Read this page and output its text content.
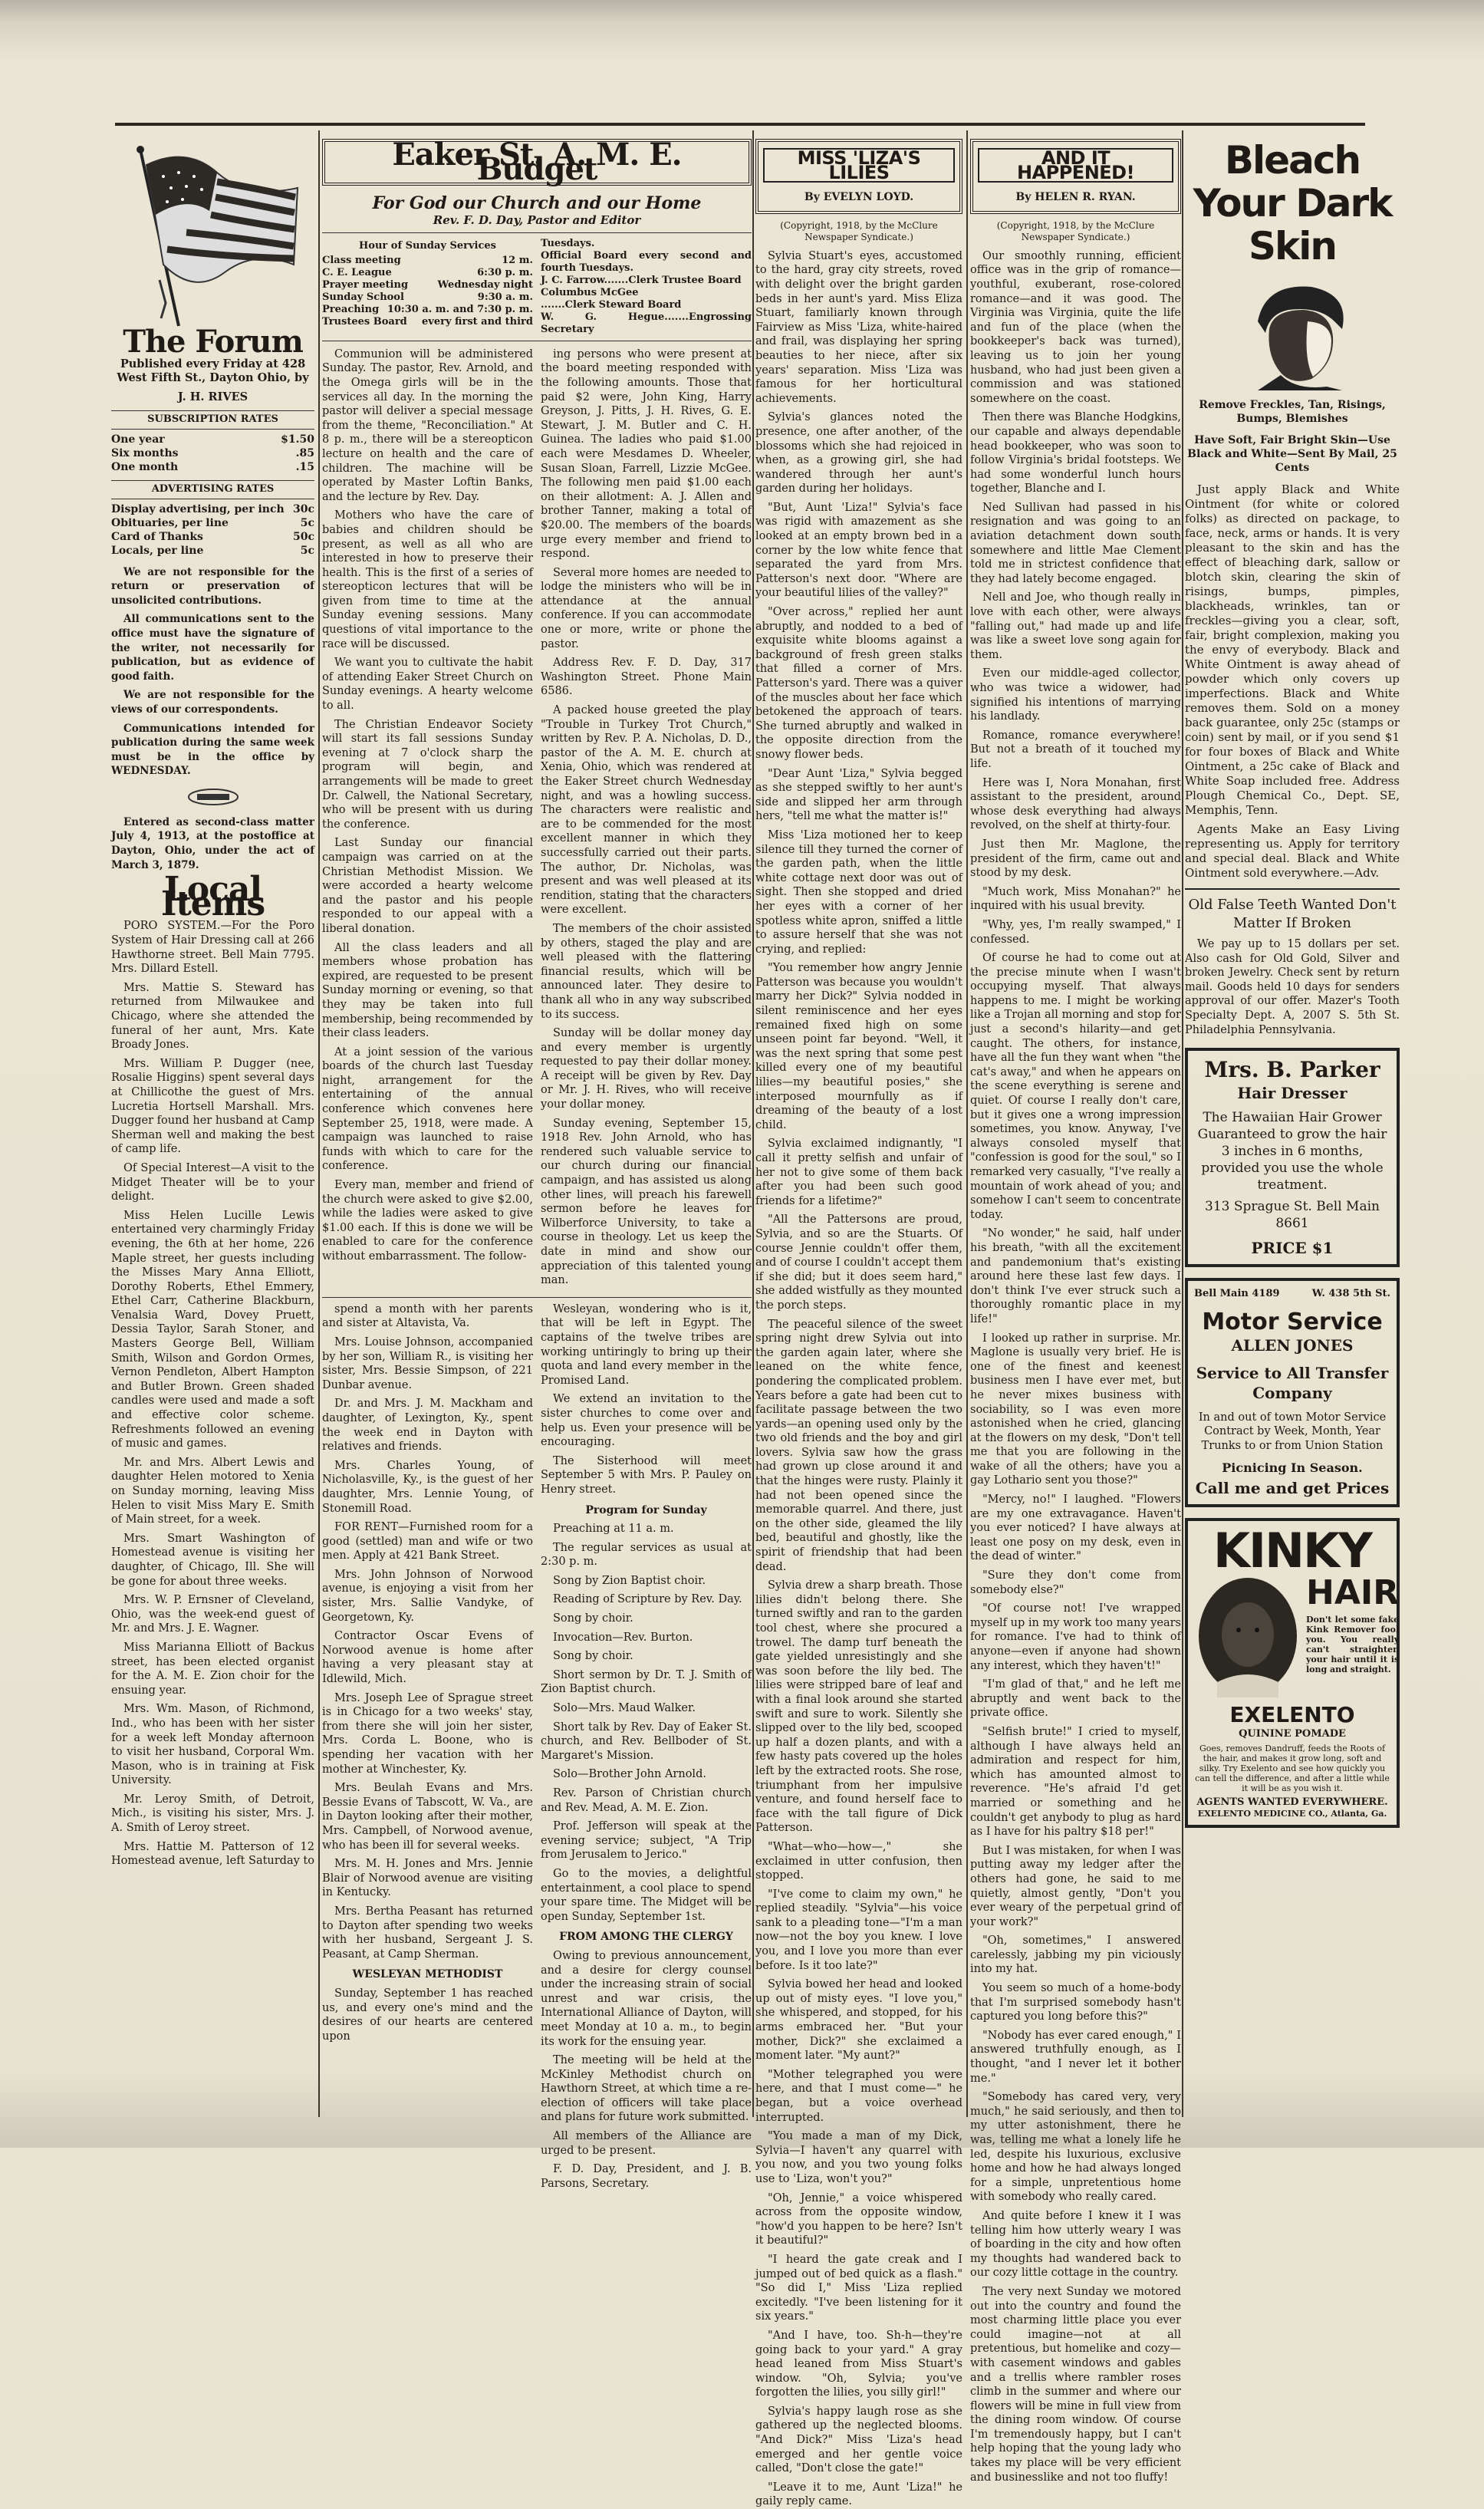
The Forum

Published every Friday at 428 West Fifth St., Dayton Ohio, by

J. H. RIVES

SUBSCRIPTION RATES
One year	$1.50
Six months	.85
One month	.15
ADVERTISING RATES
Display advertising, per inch 30c
Obituaries, per line	5c
Card of Thanks	50c
Locals, per line	5c

We are not responsible for the return or preservation of unsolicited contributions.

All communications sent to the office must have the signature of the writer, not necessarily for publication, but as evidence of good faith.

We are not responsible for the views of our correspondents.

Communications intended for publication during the same week must be in the office by WEDNESDAY.

Entered as second-class matter July 4, 1913, at the postoffice at Dayton, Ohio, under the act of March 3, 1879.

Local Items

PORO SYSTEM.—For the Poro System of Hair Dressing call at 266 Hawthorne street. Bell Main 7795. Mrs. Dillard Estell.

Mrs. Mattie S. Steward has returned from Milwaukee and Chicago, where she attended the funeral of her aunt, Mrs. Kate Broady Jones.

Mrs. William P. Dugger (nee, Rosalie Higgins) spent several days at Chillicothe the guest of Mrs. Lucretia Hortsell Marshall. Mrs. Dugger found her husband at Camp Sherman well and making the best of camp life.

Of Special Interest—A visit to the Midget Theater will be to your delight.

Miss Helen Lucille Lewis entertained very charmingly Friday evening, the 6th at her home, 226 Maple street, her guests including the Misses Mary Anna Elliott, Dorothy Roberts, Ethel Emmery, Ethel Carr, Catherine Blackburn, Venalsia Ward, Dovey Pruett, Dessia Taylor, Sarah Stoner, and Masters George Bell, William Smith, Wilson and Gordon Ormes, Vernon Pendleton, Albert Hampton and Butler Brown. Green shaded candles were used and made a soft and effective color scheme. Refreshments followed an evening of music and games.

Mr. and Mrs. Albert Lewis and daughter Helen motored to Xenia on Sunday morning, leaving Miss Helen to visit Miss Mary E. Smith of Main street, for a week.

Mrs. Smart Washington of Homestead avenue is visiting her daughter, of Chicago, Ill. She will be gone for about three weeks.

Mrs. W. P. Ernsner of Cleveland, Ohio, was the week-end guest of Mr. and Mrs. J. E. Wagner.

Miss Marianna Elliott of Backus street, has been elected organist for the A. M. E. Zion choir for the ensuing year.

Mrs. Wm. Mason, of Richmond, Ind., who has been with her sister for a week left Monday afternoon to visit her husband, Corporal Wm. Mason, who is in training at Fisk University.

Mr. Leroy Smith, of Detroit, Mich., is visiting his sister, Mrs. J. A. Smith of Leroy street.

Mrs. Hattie M. Patterson of 12 Homestead avenue, left Saturday to

Eaker St. A. M. E. Budget
For God our Church and our Home
Rev. F. D. Day, Pastor and Editor
Hour of Sunday Services
Class meeting	12 m.
C. E. League	6:30 p. m.
Prayer meeting	Wednesday night
Sunday School	9:30 a. m.
Preaching 10:30 a. m. and 7:30 p. m.
Trustees Board every first and third
Tuesdays.
Official Board every second and fourth Tuesdays.
J. C. Farrow.......Clerk Trustee Board
Columbus McGee
.......Clerk Steward Board
W. G. Hegue.......Engrossing Secretary

Communion will be administered Sunday. The pastor, Rev. Arnold, and the Omega girls will be in the services all day. In the morning the pastor will deliver a special message from the theme, "Reconciliation." At 8 p. m., there will be a stereopticon lecture on health and the care of children. The machine will be operated by Master Loftin Banks, and the lecture by Rev. Day.

Mothers who have the care of babies and children should be present, as well as all who are interested in how to preserve their health. This is the first of a series of stereopticon lectures that will be given from time to time at the Sunday evening sessions. Many questions of vital importance to the race will be discussed.

We want you to cultivate the habit of attending Eaker Street Church on Sunday evenings. A hearty welcome to all.

The Christian Endeavor Society will start its fall sessions Sunday evening at 7 o'clock sharp the program will begin, and arrangements will be made to greet Dr. Calwell, the National Secretary, who will be present with us during the conference.

Last Sunday our financial campaign was carried on at the Christian Methodist Mission. We were accorded a hearty welcome and the pastor and his people responded to our appeal with a liberal donation.

All the class leaders and all members whose probation has expired, are requested to be present Sunday morning or evening, so that they may be taken into full membership, being recommended by their class leaders.

At a joint session of the various boards of the church last Tuesday night, arrangement for the entertaining of the annual conference which convenes here September 25, 1918, were made. A campaign was launched to raise funds with which to care for the conference.

Every man, member and friend of the church were asked to give $2.00, while the ladies were asked to give $1.00 each. If this is done we will be enabled to care for the conference without embarrassment. The follow-

ing persons who were present at the board meeting responded with the following amounts. Those that paid $2 were, John King, Harry Greyson, J. Pitts, J. H. Rives, G. E. Stewart, J. M. Butler and C. H. Guinea. The ladies who paid $1.00 each were Mesdames D. Wheeler, Susan Sloan, Farrell, Lizzie McGee. The following men paid $1.00 each on their allotment: A. J. Allen and brother Tanner, making a total of $20.00. The members of the boards urge every member and friend to respond.

Several more homes are needed to lodge the ministers who will be in attendance at the annual conference. If you can accommodate one or more, write or phone the pastor.

Address Rev. F. D. Day, 317 Washington Street. Phone Main 6586.

A packed house greeted the play "Trouble in Turkey Trot Church," written by Rev. P. A. Nicholas, D. D., pastor of the A. M. E. church at Xenia, Ohio, which was rendered at the Eaker Street church Wednesday night, and was a howling success. The characters were realistic and are to be commended for the most excellent manner in which they successfully carried out their parts. The author, Dr. Nicholas, was present and was well pleased at its rendition, stating that the characters were excellent.

The members of the choir assisted by others, staged the play and are well pleased with the flattering financial results, which will be announced later. They desire to thank all who in any way subscribed to its success.

Sunday will be dollar money day and every member is urgently requested to pay their dollar money. A receipt will be given by Rev. Day or Mr. J. H. Rives, who will receive your dollar money.

Sunday evening, September 15, 1918 Rev. John Arnold, who has rendered such valuable service to our church during our financial campaign, and has assisted us along other lines, will preach his farewell sermon before he leaves for Wilberforce University, to take a course in theology. Let us keep the date in mind and show our appreciation of this talented young man.

spend a month with her parents and sister at Altavista, Va.

Mrs. Louise Johnson, accompanied by her son, William R., is visiting her sister, Mrs. Bessie Simpson, of 221 Dunbar avenue.

Dr. and Mrs. J. M. Mackham and daughter, of Lexington, Ky., spent the week end in Dayton with relatives and friends.

Mrs. Charles Young, of Nicholasville, Ky., is the guest of her daughter, Mrs. Lennie Young, of Stonemill Road.

FOR RENT—Furnished room for a good (settled) man and wife or two men. Apply at 421 Bank Street.

Mrs. John Johnson of Norwood avenue, is enjoying a visit from her sister, Mrs. Sallie Vandyke, of Georgetown, Ky.

Contractor Oscar Evens of Norwood avenue is home after having a very pleasant stay at Idlewild, Mich.

Mrs. Joseph Lee of Sprague street is in Chicago for a two weeks' stay, from there she will join her sister, Mrs. Corda L. Boone, who is spending her vacation with her mother at Winchester, Ky.

Mrs. Beulah Evans and Mrs. Bessie Evans of Tabscott, W. Va., are in Dayton looking after their mother, Mrs. Campbell, of Norwood avenue, who has been ill for several weeks.

Mrs. M. H. Jones and Mrs. Jennie Blair of Norwood avenue are visiting in Kentucky.

Mrs. Bertha Peasant has returned to Dayton after spending two weeks with her husband, Sergeant J. S. Peasant, at Camp Sherman.

WESLEYAN METHODIST

Sunday, September 1 has reached us, and every one's mind and the desires of our hearts are centered upon

Wesleyan, wondering who is it, that will be left in Egypt. The captains of the twelve tribes are working untiringly to bring up their quota and land every member in the Promised Land.

We extend an invitation to the sister churches to come over and help us. Even your presence will be encouraging.

The Sisterhood will meet September 5 with Mrs. P. Pauley on Henry street.

Program for Sunday

Preaching at 11 a. m.

The regular services as usual at 2:30 p. m.

Song by Zion Baptist choir.

Reading of Scripture by Rev. Day.

Song by choir.

Invocation—Rev. Burton.

Song by choir.

Short sermon by Dr. T. J. Smith of Zion Baptist church.

Solo—Mrs. Maud Walker.

Short talk by Rev. Day of Eaker St. church, and Rev. Bellboder of St. Margaret's Mission.

Solo—Brother John Arnold.

Rev. Parson of Christian church and Rev. Mead, A. M. E. Zion.

Prof. Jefferson will speak at the evening service; subject, "A Trip from Jerusalem to Jerico."

Go to the movies, a delightful entertainment, a cool place to spend your spare time. The Midget will be open Sunday, September 1st.

FROM AMONG THE CLERGY

Owing to previous announcement, and a desire for clergy counsel under the increasing strain of social unrest and war crisis, the International Alliance of Dayton, will meet Monday at 10 a. m., to begin its work for the ensuing year.

The meeting will be held at the McKinley Methodist church on Hawthorn Street, at which time a re-election of officers will take place and plans for future work submitted.

All members of the Alliance are urged to be present.

F. D. Day, President, and J. B. Parsons, Secretary.

MISS 'LIZA'S LILIES
By EVELYN LOYD.
(Copyright, 1918, by the McClure Newspaper Syndicate.)

Sylvia Stuart's eyes, accustomed to the hard, gray city streets, roved with delight over the bright garden beds in her aunt's yard. Miss Eliza Stuart, familiarly known through Fairview as Miss 'Liza, white-haired and frail, was displaying her spring beauties to her niece, after six years' separation. Miss 'Liza was famous for her horticultural achievements.

Sylvia's glances noted the presence, one after another, of the blossoms which she had rejoiced in when, as a growing girl, she had wandered through her aunt's garden during her holidays.

"But, Aunt 'Liza!" Sylvia's face was rigid with amazement as she looked at an empty brown bed in a corner by the low white fence that separated the yard from Mrs. Patterson's next door. "Where are your beautiful lilies of the valley?"

"Over across," replied her aunt abruptly, and nodded to a bed of exquisite white blooms against a background of fresh green stalks that filled a corner of Mrs. Patterson's yard. There was a quiver of the muscles about her face which betokened the approach of tears. She turned abruptly and walked in the opposite direction from the snowy flower beds.

"Dear Aunt 'Liza," Sylvia begged as she stepped swiftly to her aunt's side and slipped her arm through hers, "tell me what the matter is!"

Miss 'Liza motioned her to keep silence till they turned the corner of the garden path, when the little white cottage next door was out of sight. Then she stopped and dried her eyes with a corner of her spotless white apron, sniffed a little to assure herself that she was not crying, and replied:

"You remember how angry Jennie Patterson was because you wouldn't marry her Dick?" Sylvia nodded in silent reminiscence and her eyes remained fixed high on some unseen point far beyond. "Well, it was the next spring that some pest killed every one of my beautiful lilies—my beautiful posies," she interposed mournfully as if dreaming of the beauty of a lost child.

Sylvia exclaimed indignantly, "I call it pretty selfish and unfair of her not to give some of them back after you had been such good friends for a lifetime?"

"All the Pattersons are proud, Sylvia, and so are the Stuarts. Of course Jennie couldn't offer them, and of course I couldn't accept them if she did; but it does seem hard," she added wistfully as they mounted the porch steps.

The peaceful silence of the sweet spring night drew Sylvia out into the garden again later, where she leaned on the white fence, pondering the complicated problem. Years before a gate had been cut to facilitate passage between the two yards—an opening used only by the two old friends and the boy and girl lovers. Sylvia saw how the grass had grown up close around it and that the hinges were rusty. Plainly it had not been opened since the memorable quarrel. And there, just on the other side, gleamed the lily bed, beautiful and ghostly, like the spirit of friendship that had been dead.

Sylvia drew a sharp breath. Those lilies didn't belong there. She turned swiftly and ran to the garden tool chest, where she procured a trowel. The damp turf beneath the gate yielded unresistingly and she was soon before the lily bed. The lilies were stripped bare of leaf and with a final look around she started swift and sure to work. Silently she slipped over to the lily bed, scooped up half a dozen plants, and with a few hasty pats covered up the holes left by the extracted roots. She rose, triumphant from her impulsive venture, and found herself face to face with the tall figure of Dick Patterson.

"What—who—how—," she exclaimed in utter confusion, then stopped.

"I've come to claim my own," he replied steadily. "Sylvia"—his voice sank to a pleading tone—"I'm a man now—not the boy you knew. I love you, and I love you more than ever before. Is it too late?"

Sylvia bowed her head and looked up out of misty eyes. "I love you," she whispered, and stopped, for his arms embraced her. "But your mother, Dick?" she exclaimed a moment later. "My aunt?"

"Mother telegraphed you were here, and that I must come—" he began, but a voice overhead interrupted.

"You made a man of my Dick, Sylvia—I haven't any quarrel with you now, and you two young folks use to 'Liza, won't you?"

"Oh, Jennie," a voice whispered across from the opposite window, "how'd you happen to be here? Isn't it beautiful?"

"I heard the gate creak and I jumped out of bed quick as a flash." "So did I," Miss 'Liza replied excitedly. "I've been listening for it six years."

"And I have, too. Sh-h—they're going back to your yard." A gray head leaned from Miss Stuart's window. "Oh, Sylvia; you've forgotten the lilies, you silly girl!"

Sylvia's happy laugh rose as she gathered up the neglected blooms. "And Dick?" Miss 'Liza's head emerged and her gentle voice called, "Don't close the gate!"

"Leave it to me, Aunt 'Liza!" he gaily reply came.

AND IT HAPPENED!
By HELEN R. RYAN.
(Copyright, 1918, by the McClure Newspaper Syndicate.)

Our smoothly running, efficient office was in the grip of romance—youthful, exuberant, rose-colored romance—and it was good. The Virginia was Virginia, quite the life and fun of the place (when the bookkeeper's back was turned), leaving us to join her young husband, who had just been given a commission and was stationed somewhere on the coast.

Then there was Blanche Hodgkins, our capable and always dependable head bookkeeper, who was soon to follow Virginia's bridal footsteps. We had some wonderful lunch hours together, Blanche and I.

Ned Sullivan had passed in his resignation and was going to an aviation detachment down south somewhere and little Mae Clement told me in strictest confidence that they had lately become engaged.

Nell and Joe, who though really in love with each other, were always "falling out," had made up and life was like a sweet love song again for them.

Even our middle-aged collector, who was twice a widower, had signified his intentions of marrying his landlady.

Romance, romance everywhere! But not a breath of it touched my life.

Here was I, Nora Monahan, first assistant to the president, around whose desk everything had always revolved, on the shelf at thirty-four.

Just then Mr. Maglone, the president of the firm, came out and stood by my desk.

"Much work, Miss Monahan?" he inquired with his usual brevity.

"Why, yes, I'm really swamped," I confessed.

Of course he had to come out at the precise minute when I wasn't occupying myself. That always happens to me. I might be working like a Trojan all morning and stop for just a second's hilarity—and get caught. The others, for instance, have all the fun they want when "the cat's away," and when he appears on the scene everything is serene and quiet. Of course I really don't care, but it gives one a wrong impression sometimes, you know. Anyway, I've always consoled myself that "confession is good for the soul," so I remarked very casually, "I've really a mountain of work ahead of you; and somehow I can't seem to concentrate today.

"No wonder," he said, half under his breath, "with all the excitement and pandemonium that's existing around here these last few days. I don't think I've ever struck such a thoroughly romantic place in my life!"

I looked up rather in surprise. Mr. Maglone is usually very brief. He is one of the finest and keenest business men I have ever met, but he never mixes business with sociability, so I was even more astonished when he cried, glancing at the flowers on my desk, "Don't tell me that you are following in the wake of all the others; have you a gay Lothario sent you those?"

"Mercy, no!" I laughed. "Flowers are my one extravagance. Haven't you ever noticed? I have always at least one posy on my desk, even in the dead of winter."

"Sure they don't come from somebody else?"

"Of course not! I've wrapped myself up in my work too many years for romance. I've had to think of anyone—even if anyone had shown any interest, which they haven't!"

"I'm glad of that," and he left me abruptly and went back to the private office.

"Selfish brute!" I cried to myself, although I have always held an admiration and respect for him, which has amounted almost to reverence. "He's afraid I'd get married or something and he couldn't get anybody to plug as hard as I have for his paltry $18 per!"

But I was mistaken, for when I was putting away my ledger after the others had gone, he said to me quietly, almost gently, "Don't you ever weary of the perpetual grind of your work?"

"Oh, sometimes," I answered carelessly, jabbing my pin viciously into my hat.

You seem so much of a home-body that I'm surprised somebody hasn't captured you long before this?"

"Nobody has ever cared enough," I answered truthfully enough, as I thought, "and I never let it bother me."

"Somebody has cared very, very much," he said seriously, and then to my utter astonishment, there he was, telling me what a lonely life he led, despite his luxurious, exclusive home and how he had always longed for a simple, unpretentious home with somebody who really cared.

And quite before I knew it I was telling him how utterly weary I was of boarding in the city and how often my thoughts had wandered back to our cozy little cottage in the country.

The very next Sunday we motored out into the country and found the most charming little place you ever could imagine—not at all pretentious, but homelike and cozy—with casement windows and gables and a trellis where rambler roses climb in the summer and where our flowers will be mine in full view from the dining room window. Of course I'm tremendously happy, but I can't help hoping that the young lady who takes my place will be very efficient and businesslike and not too fluffy!

Bleach Your Dark Skin
Remove Freckles, Tan, Risings, Bumps, Blemishes
Have Soft, Fair Bright Skin—Use Black and White—Sent By Mail, 25 Cents

Just apply Black and White Ointment (for white or colored folks) as directed on package, to face, neck, arms or hands. It is very pleasant to the skin and has the effect of bleaching dark, sallow or blotch skin, clearing the skin of risings, bumps, pimples, blackheads, wrinkles, tan or freckles—giving you a clear, soft, fair, bright complexion, making you the envy of everybody. Black and White Ointment is away ahead of powder which only covers up imperfections. Black and White removes them. Sold on a money back guarantee, only 25c (stamps or coin) sent by mail, or if you send $1 for four boxes of Black and White Ointment, a 25c cake of Black and White Soap included free. Address Plough Chemical Co., Dept. SE, Memphis, Tenn.

Agents Make an Easy Living representing us. Apply for territory and special deal. Black and White Ointment sold everywhere.—Adv.

Old False Teeth Wanted Don't Matter If Broken

We pay up to 15 dollars per set. Also cash for Old Gold, Silver and broken Jewelry. Check sent by return mail. Goods held 10 days for senders approval of our offer. Mazer's Tooth Specialty Dept. A, 2007 S. 5th St. Philadelphia Pennsylvania.

Mrs. B. Parker
Hair Dresser

The Hawaiian Hair Grower Guaranteed to grow the hair 3 inches in 6 months, provided you use the whole treatment.

313 Sprague St. Bell Main 8661

PRICE $1
Bell Main 4189	W. 438 5th St.
Motor Service
ALLEN JONES
Service to All Transfer Company

In and out of town Motor Service Contract by Week, Month, Year Trunks to or from Union Station

Picnicing In Season.
Call me and get Prices
KINKY
HAIR
Don't let some fake Kink Remover fool you. You really can't straighten your hair until it is long and straight.
EXELENTO
QUININE POMADE
Goes, removes Dandruff, feeds the Roots of the hair, and makes it grow long, soft and silky. Try Exelento and see how quickly you can tell the difference, and after a little while it will be as you wish it.
AGENTS WANTED EVERYWHERE.
EXELENTO MEDICINE CO., Atlanta, Ga.
